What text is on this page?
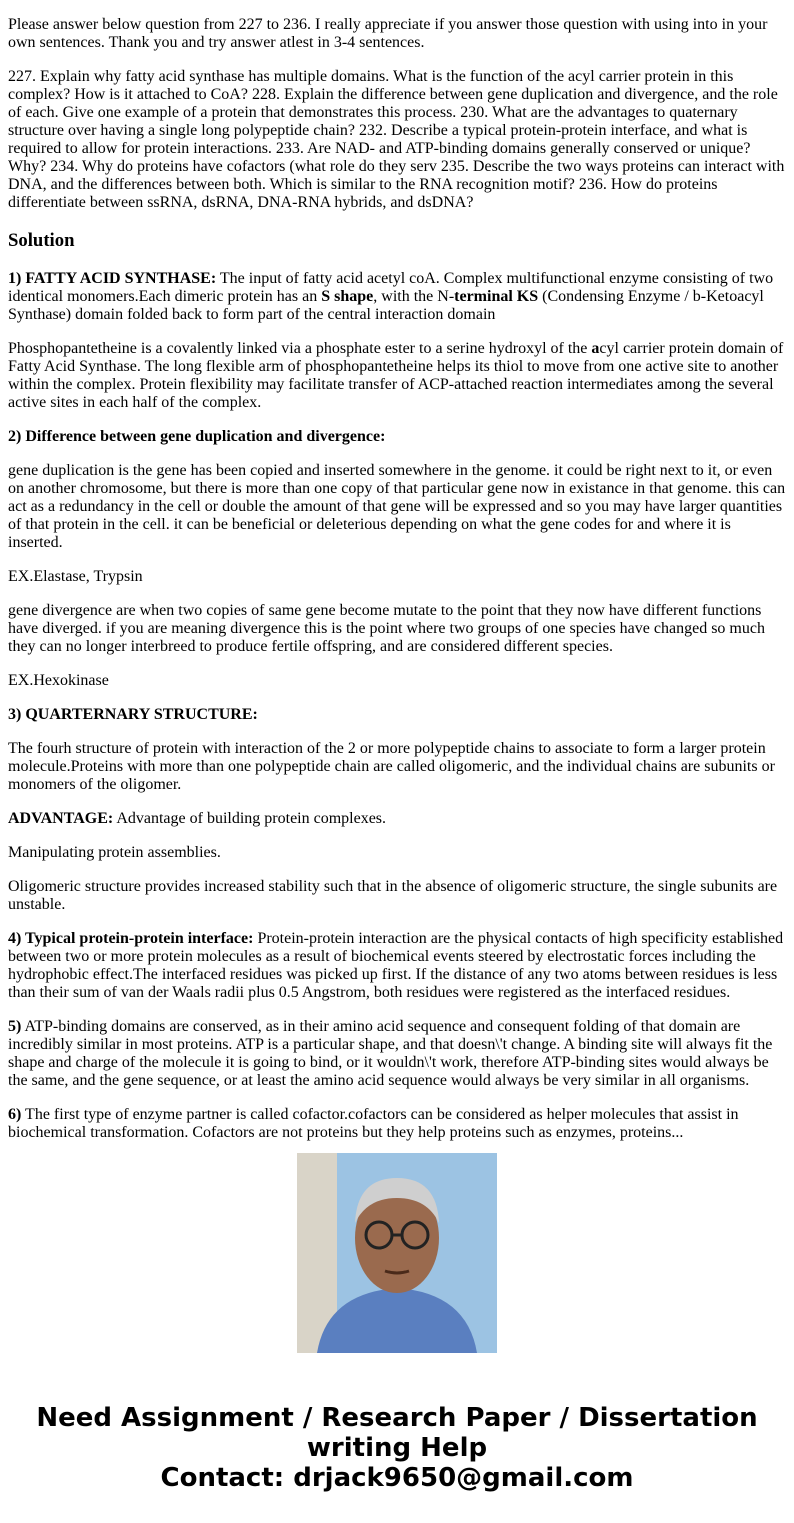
Please answer below question from 227 to 236. I really appreciate if you answer those question with using into in your own sentences. Thank you and try answer atlest in 3-4 sentences.

227. Explain why fatty acid synthase has multiple domains. What is the function of the acyl carrier protein in this complex? How is it attached to CoA? 228. Explain the difference between gene duplication and divergence, and the role of each. Give one example of a protein that demonstrates this process. 230. What are the advantages to quaternary structure over having a single long polypeptide chain? 232. Describe a typical protein-protein interface, and what is required to allow for protein interactions. 233. Are NAD- and ATP-binding domains generally conserved or unique? Why? 234. Why do proteins have cofactors (what role do they serv 235. Describe the two ways proteins can interact with DNA, and the differences between both. Which is similar to the RNA recognition motif? 236. How do proteins differentiate between ssRNA, dsRNA, DNA-RNA hybrids, and dsDNA?

Solution

1) FATTY ACID SYNTHASE: The input of fatty acid acetyl coA. Complex multifunctional enzyme consisting of two identical monomers.Each dimeric protein has an S shape, with the N-terminal KS (Condensing Enzyme / b-Ketoacyl Synthase) domain folded back to form part of the central interaction domain

Phosphopantetheine is a covalently linked via a phosphate ester to a serine hydroxyl of the acyl carrier protein domain of Fatty Acid Synthase. The long flexible arm of phosphopantetheine helps its thiol to move from one active site to another within the complex. Protein flexibility may facilitate transfer of ACP-attached reaction intermediates among the several active sites in each half of the complex.

2) Difference between gene duplication and divergence:

gene duplication is the gene has been copied and inserted somewhere in the genome. it could be right next to it, or even on another chromosome, but there is more than one copy of that particular gene now in existance in that genome. this can act as a redundancy in the cell or double the amount of that gene will be expressed and so you may have larger quantities of that protein in the cell. it can be beneficial or deleterious depending on what the gene codes for and where it is inserted.

EX.Elastase, Trypsin

gene divergence are when two copies of same gene become mutate to the point that they now have different functions have diverged. if you are meaning divergence this is the point where two groups of one species have changed so much they can no longer interbreed to produce fertile offspring, and are considered different species.

EX.Hexokinase

3) QUARTERNARY STRUCTURE:

The fourh structure of protein with interaction of the 2 or more polypeptide chains to associate to form a larger protein molecule.Proteins with more than one polypeptide chain are called oligomeric, and the individual chains are subunits or monomers of the oligomer.

ADVANTAGE: Advantage of building protein complexes.

Manipulating protein assemblies.

Oligomeric structure provides increased stability such that in the absence of oligomeric structure, the single subunits are unstable.

4) Typical protein-protein interface: Protein-protein interaction are the physical contacts of high specificity established between two or more protein molecules as a result of biochemical events steered by electrostatic forces including the hydrophobic effect.The interfaced residues was picked up first. If the distance of any two atoms between residues is less than their sum of van der Waals radii plus 0.5 Angstrom, both residues were registered as the interfaced residues.

5) ATP-binding domains are conserved, as in their amino acid sequence and consequent folding of that domain are incredibly similar in most proteins. ATP is a particular shape, and that doesn\'t change. A binding site will always fit the shape and charge of the molecule it is going to bind, or it wouldn\'t work, therefore ATP-binding sites would always be the same, and the gene sequence, or at least the amino acid sequence would always be very similar in all organisms.

6) The first type of enzyme partner is called cofactor.cofactors can be considered as helper molecules that assist in biochemical transformation. Cofactors are not proteins but they help proteins such as enzymes, proteins...

Need Assignment / Research Paper / Dissertation writing Help
Contact: drjack9650@gmail.com
